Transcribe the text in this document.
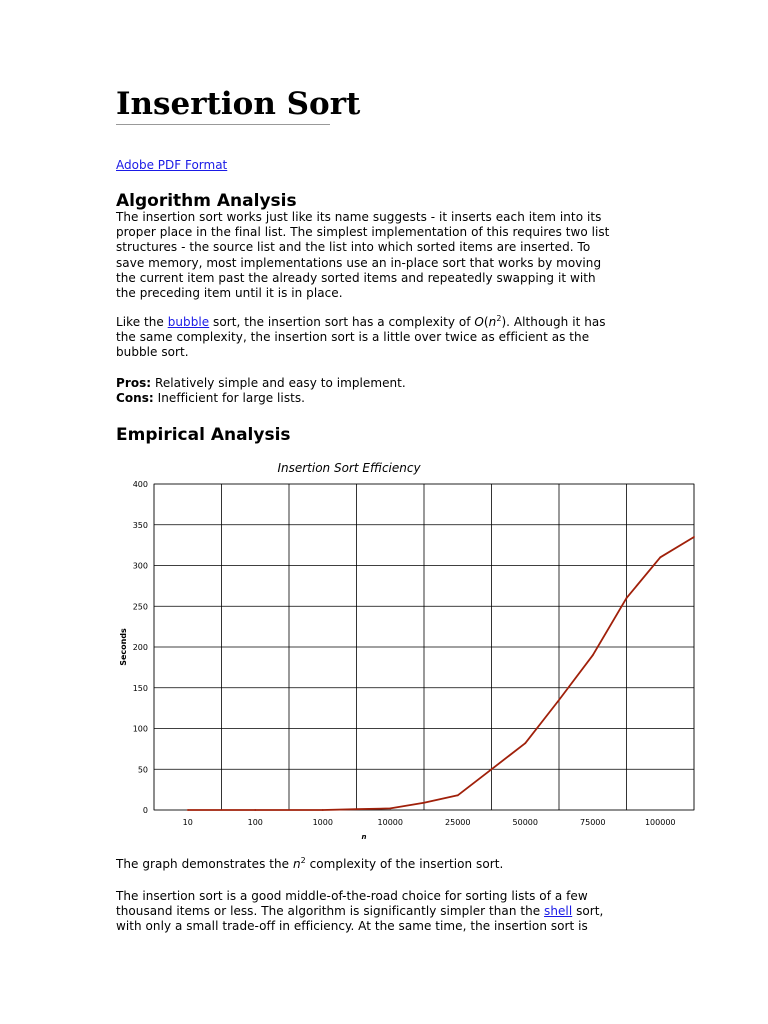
Insertion Sort
Adobe PDF Format
Algorithm Analysis
The insertion sort works just like its name suggests - it inserts each item into its
proper place in the final list. The simplest implementation of this requires two list
structures - the source list and the list into which sorted items are inserted. To
save memory, most implementations use an in-place sort that works by moving
the current item past the already sorted items and repeatedly swapping it with
the preceding item until it is in place.
Like the bubble sort, the insertion sort has a complexity of $O(n^2)$. Although it has
the same complexity, the insertion sort is a little over twice as efficient as the
bubble sort.
Pros: Relatively simple and easy to implement.
Cons: Inefficient for large lists.
Empirical Analysis
Insertion Sort Efficiency
0
50
100
150
200
250
300
350
400
10	100	1000	10000	25000	50000	75000	100000
n
Seconds
The graph demonstrates the $n^2$ complexity of the insertion sort.
The insertion sort is a good middle-of-the-road choice for sorting lists of a few
thousand items or less. The algorithm is significantly simpler than the shell sort,
with only a small trade-off in efficiency. At the same time, the insertion sort is
